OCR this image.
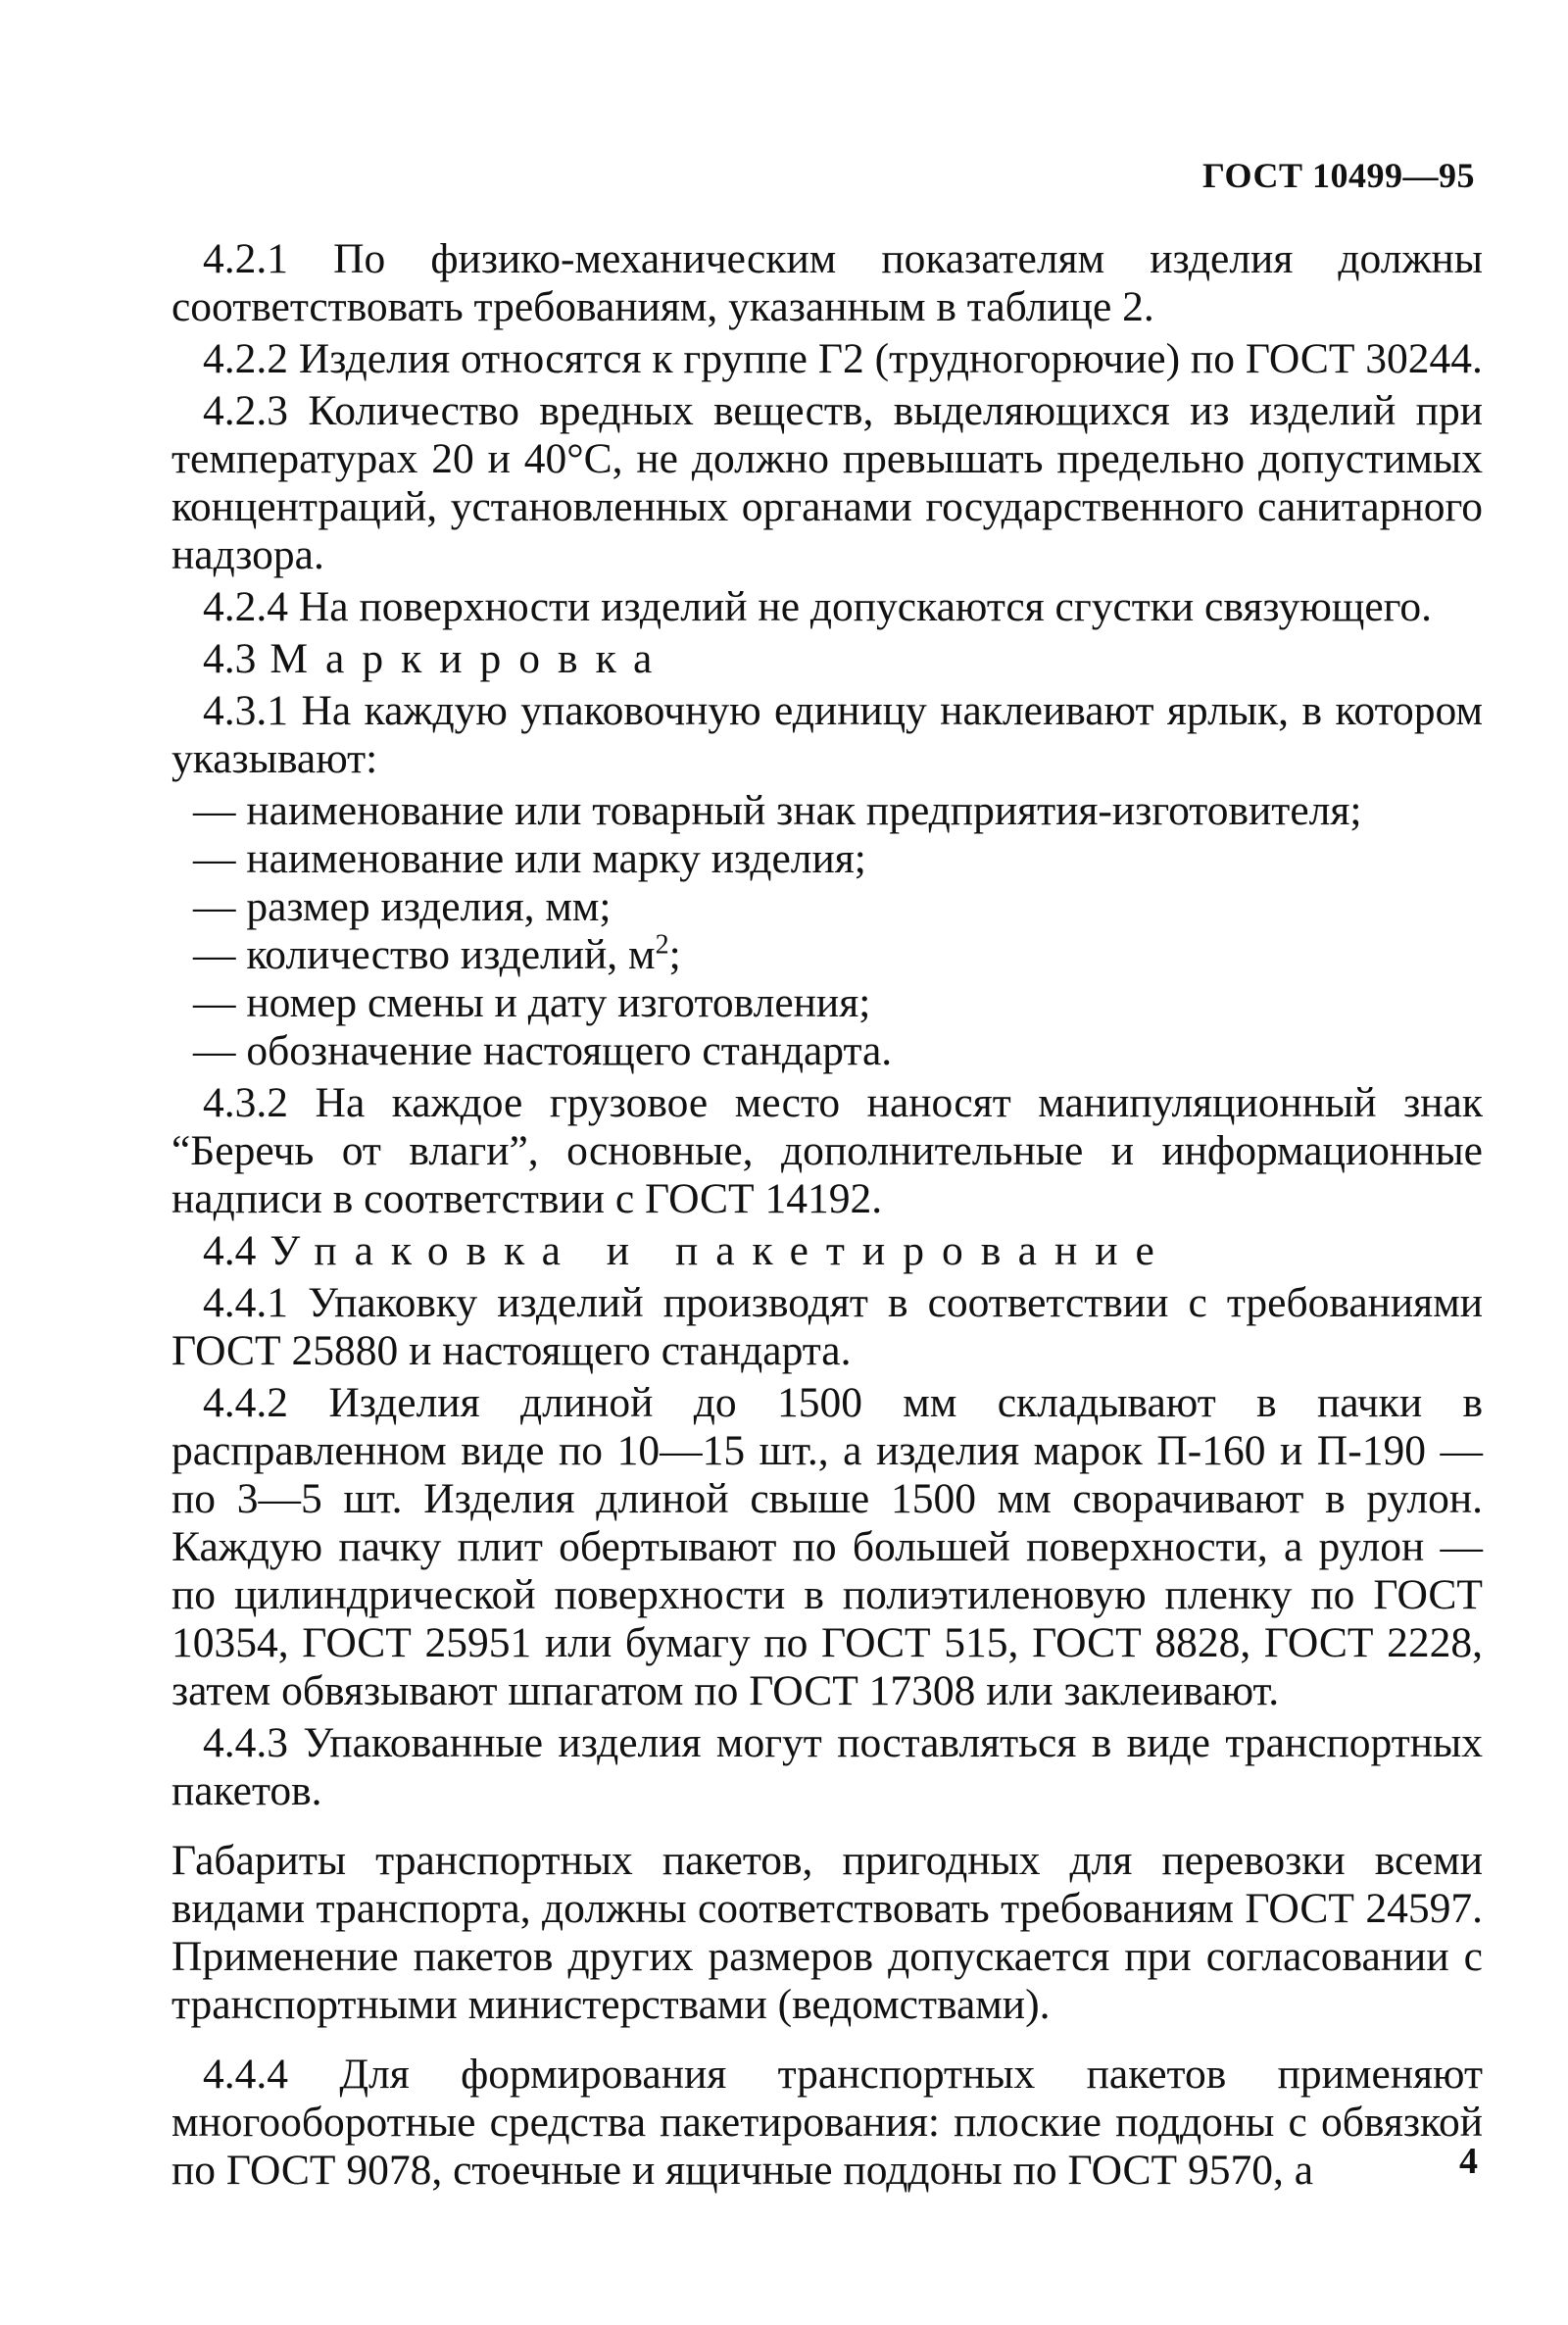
ГОСТ 10499—95

4.2.1 По физико-механическим показателям изделия должны соответствовать требованиям, указанным в таблице 2.

4.2.2 Изделия относятся к группе Г2 (трудногорючие) по ГОСТ 30244.

4.2.3 Количество вредных веществ, выделяющихся из изделий при температурах 20 и 40°С, не должно превышать предельно допустимых концентраций, установленных органами государственного санитарного надзора.

4.2.4 На поверхности изделий не допускаются сгустки связующего.

4.3 Маркировка

4.3.1 На каждую упаковочную единицу наклеивают ярлык, в котором указывают:

— наименование или товарный знак предприятия-изготовителя;
— наименование или марку изделия;
— размер изделия, мм;
— количество изделий, $м^2$;
— номер смены и дату изготовления;
— обозначение настоящего стандарта.

4.3.2 На каждое грузовое место наносят манипуляционный знак “Беречь от влаги”, основные, дополнительные и информационные надписи в соответствии с ГОСТ 14192.

4.4 Упаковка и пакетирование

4.4.1 Упаковку изделий производят в соответствии с требованиями ГОСТ 25880 и настоящего стандарта.

4.4.2 Изделия длиной до 1500 мм складывают в пачки в расправленном виде по 10—15 шт., а изделия марок П-160 и П-190 — по 3—5 шт. Изделия длиной свыше 1500 мм сворачивают в рулон. Каждую пачку плит обертывают по большей поверхности, а рулон — по цилиндрической поверхности в полиэтиленовую пленку по ГОСТ 10354, ГОСТ 25951 или бумагу по ГОСТ 515, ГОСТ 8828, ГОСТ 2228, затем обвязывают шпагатом по ГОСТ 17308 или заклеивают.

4.4.3 Упакованные изделия могут поставляться в виде транспортных пакетов.

Габариты транспортных пакетов, пригодных для перевозки всеми видами транспорта, должны соответствовать требованиям ГОСТ 24597. Применение пакетов других размеров допускается при согласовании с транспортными министерствами (ведомствами).

4.4.4 Для формирования транспортных пакетов применяют многооборотные средства пакетирования: плоские поддоны с обвязкой по ГОСТ 9078, стоечные и ящичные поддоны по ГОСТ 9570, а	4
